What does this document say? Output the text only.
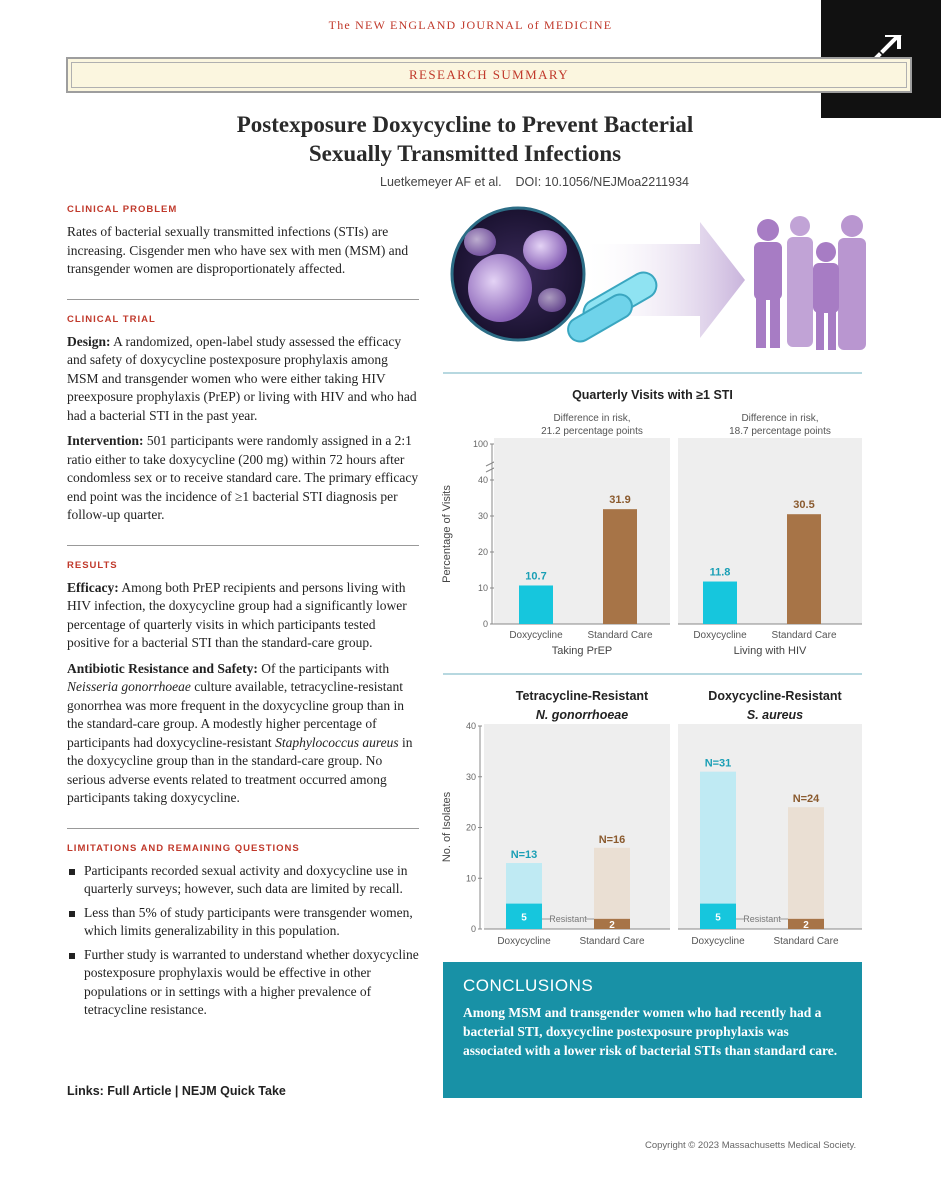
The NEW ENGLAND JOURNAL of MEDICINE
RESEARCH SUMMARY
Postexposure Doxycycline to Prevent Bacterial
Sexually Transmitted Infections
Luetkemeyer AF et al.    DOI: 10.1056/NEJMoa2211934
CLINICAL PROBLEM
Rates of bacterial sexually transmitted infections (STIs) are increasing. Cisgender men who have sex with men (MSM) and transgender women are disproportionately affected.
CLINICAL TRIAL
Design: A randomized, open-label study assessed the efficacy and safety of doxycycline postexposure prophylaxis among MSM and transgender women who were either taking HIV preexposure prophylaxis (PrEP) or living with HIV and who had had a bacterial STI in the past year.
Intervention: 501 participants were randomly assigned in a 2:1 ratio either to take doxycycline (200 mg) within 72 hours after condomless sex or to receive standard care. The primary efficacy end point was the incidence of ≥1 bacterial STI diagnosis per follow-up quarter.
RESULTS
Efficacy: Among both PrEP recipients and persons living with HIV infection, the doxycycline group had a significantly lower percentage of quarterly visits in which participants tested positive for a bacterial STI than the standard-care group.
Antibiotic Resistance and Safety: Of the participants with Neisseria gonorrhoeae culture available, tetracycline-resistant gonorrhea was more frequent in the doxycycline group than in the standard-care group. A modestly higher percentage of participants had doxycycline-resistant Staphylococcus aureus in the doxycycline group than in the standard-care group. No serious adverse events related to treatment occurred among participants taking doxycycline.
LIMITATIONS AND REMAINING QUESTIONS
Participants recorded sexual activity and doxycycline use in quarterly surveys; however, such data are limited by recall.
Less than 5% of study participants were transgender women, which limits generalizability in this population.
Further study is warranted to understand whether doxycycline postexposure prophylaxis would be effective in other populations or in settings with a higher prevalence of tetracycline resistance.
Links: Full Article | NEJM Quick Take
Quarterly Visits with ≥1 STI
Percentage of Visits
0
10
20
30
40
100
Difference in risk,
21.2 percentage points
10.7
Doxycycline
31.9
Standard Care
Taking PrEP
Difference in risk,
18.7 percentage points
11.8
Doxycycline
30.5
Standard Care
Living with HIV
No. of Isolates
0
10
20
30
40
Tetracycline-Resistant
N. gonorrhoeae
N=13
5
Doxycycline
N=16
2
Standard Care
Resistant
Doxycycline-Resistant
S. aureus
N=31
5
Doxycycline
N=24
2
Standard Care
Resistant
CONCLUSIONS
Among MSM and transgender women who had recently had a bacterial STI, doxycycline postexposure prophylaxis was associated with a lower risk of bacterial STIs than standard care.
Copyright © 2023 Massachusetts Medical Society.
